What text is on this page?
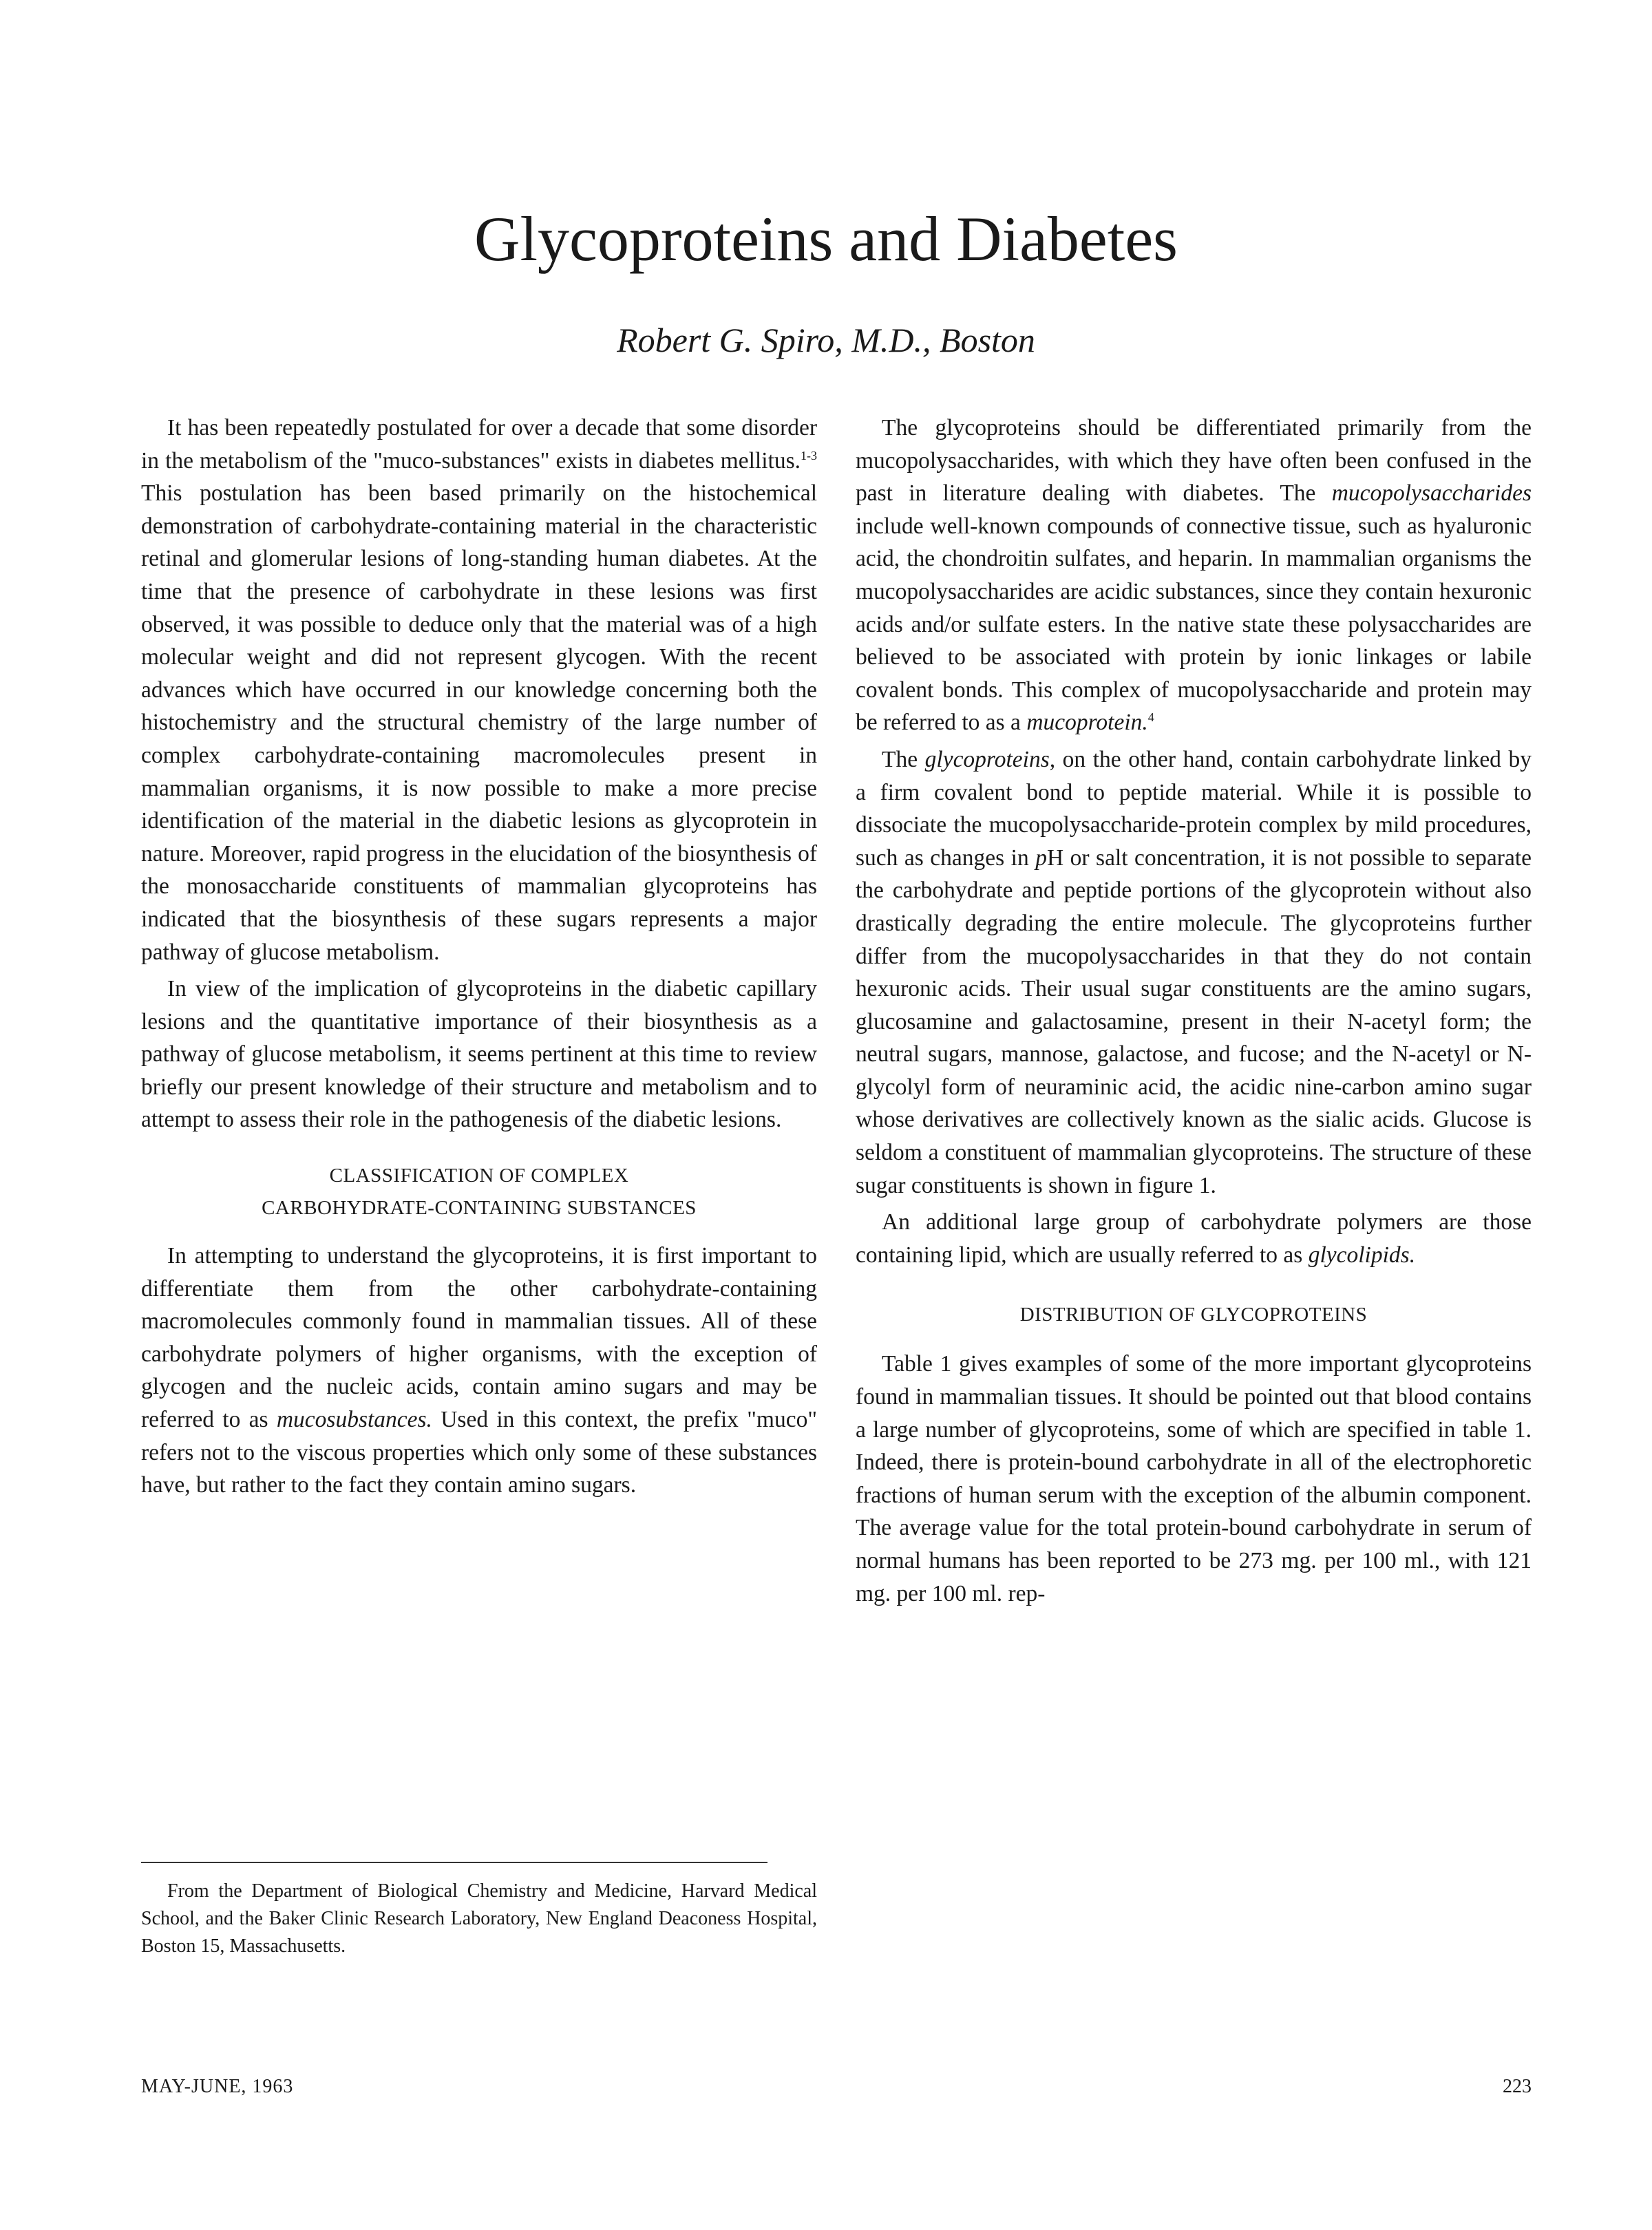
Glycoproteins and Diabetes

Robert G. Spiro, M.D., Boston

It has been repeatedly postulated for over a decade that some disorder in the metabolism of the "muco-substances" exists in diabetes mellitus.$^{1-3}$ This postulation has been based primarily on the histochemical demonstration of carbohydrate-containing material in the characteristic retinal and glomerular lesions of long-standing human diabetes. At the time that the presence of carbohydrate in these lesions was first observed, it was possible to deduce only that the material was of a high molecular weight and did not represent glycogen. With the recent advances which have occurred in our knowledge concerning both the histochemistry and the structural chemistry of the large number of complex carbohydrate-containing macromolecules present in mammalian organisms, it is now possible to make a more precise identification of the material in the diabetic lesions as glycoprotein in nature. Moreover, rapid progress in the elucidation of the biosynthesis of the monosaccharide constituents of mammalian glycoproteins has indicated that the biosynthesis of these sugars represents a major pathway of glucose metabolism.

In view of the implication of glycoproteins in the diabetic capillary lesions and the quantitative importance of their biosynthesis as a pathway of glucose metabolism, it seems pertinent at this time to review briefly our present knowledge of their structure and metabolism and to attempt to assess their role in the pathogenesis of the diabetic lesions.

CLASSIFICATION OF COMPLEX
CARBOHYDRATE-CONTAINING SUBSTANCES

In attempting to understand the glycoproteins, it is first important to differentiate them from the other carbohydrate-containing macromolecules commonly found in mammalian tissues. All of these carbohydrate polymers of higher organisms, with the exception of glycogen and the nucleic acids, contain amino sugars and may be referred to as mucosubstances. Used in this context, the prefix "muco" refers not to the viscous properties which only some of these substances have, but rather to the fact they contain amino sugars.

The glycoproteins should be differentiated primarily from the mucopolysaccharides, with which they have often been confused in the past in literature dealing with diabetes. The mucopolysaccharides include well-known compounds of connective tissue, such as hyaluronic acid, the chondroitin sulfates, and heparin. In mammalian organisms the mucopolysaccharides are acidic substances, since they contain hexuronic acids and/or sulfate esters. In the native state these polysaccharides are believed to be associated with protein by ionic linkages or labile covalent bonds. This complex of mucopolysaccharide and protein may be referred to as a mucoprotein.$^4$

The glycoproteins, on the other hand, contain carbohydrate linked by a firm covalent bond to peptide material. While it is possible to dissociate the mucopolysaccharide-protein complex by mild procedures, such as changes in pH or salt concentration, it is not possible to separate the carbohydrate and peptide portions of the glycoprotein without also drastically degrading the entire molecule. The glycoproteins further differ from the mucopolysaccharides in that they do not contain hexuronic acids. Their usual sugar constituents are the amino sugars, glucosamine and galactosamine, present in their N-acetyl form; the neutral sugars, mannose, galactose, and fucose; and the N-acetyl or N-glycolyl form of neuraminic acid, the acidic nine-carbon amino sugar whose derivatives are collectively known as the sialic acids. Glucose is seldom a constituent of mammalian glycoproteins. The structure of these sugar constituents is shown in figure 1.

An additional large group of carbohydrate polymers are those containing lipid, which are usually referred to as glycolipids.

DISTRIBUTION OF GLYCOPROTEINS

Table 1 gives examples of some of the more important glycoproteins found in mammalian tissues. It should be pointed out that blood contains a large number of glycoproteins, some of which are specified in table 1. Indeed, there is protein-bound carbohydrate in all of the electrophoretic fractions of human serum with the exception of the albumin component. The average value for the total protein-bound carbohydrate in serum of normal humans has been reported to be 273 mg. per 100 ml., with 121 mg. per 100 ml. rep-

From the Department of Biological Chemistry and Medicine, Harvard Medical School, and the Baker Clinic Research Laboratory, New England Deaconess Hospital, Boston 15, Massachusetts.

MAY-JUNE, 1963	223
